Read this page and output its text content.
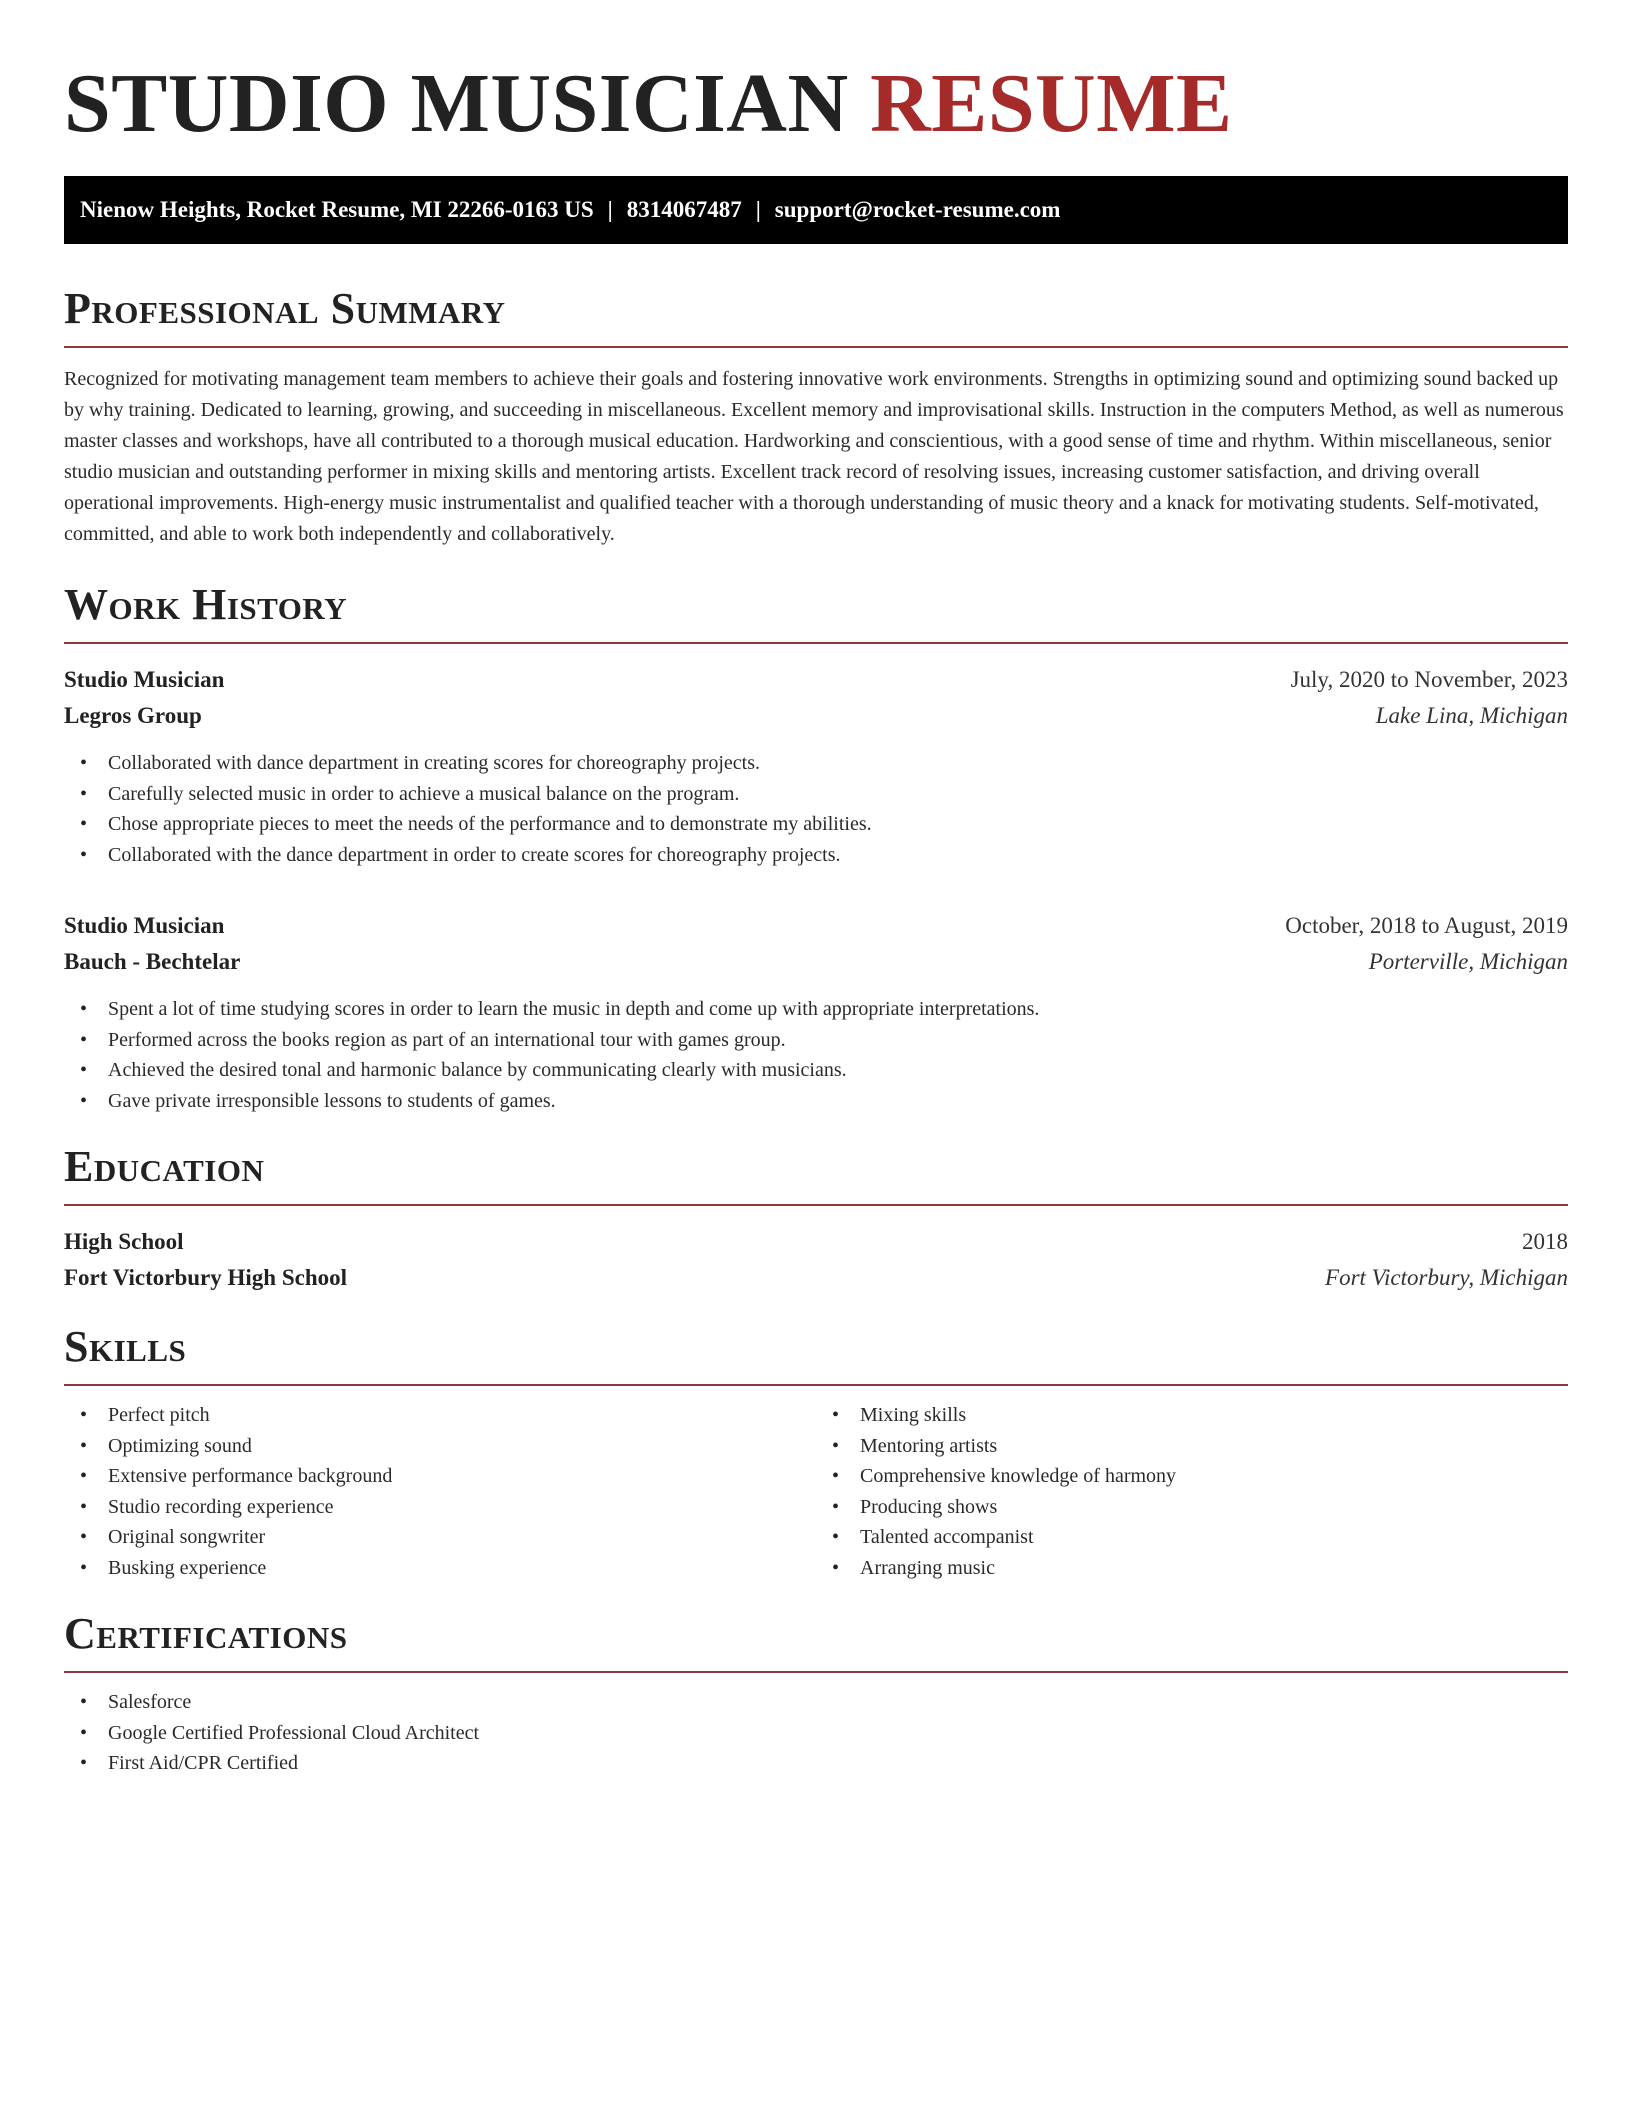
STUDIO MUSICIAN RESUME
Nienow Heights, Rocket Resume, MI 22266-0163 US | 8314067487 | support@rocket-resume.com
Professional Summary

Recognized for motivating management team members to achieve their goals and fostering innovative work environments. Strengths in optimizing sound and optimizing sound backed up by why training. Dedicated to learning, growing, and succeeding in miscellaneous. Excellent memory and improvisational skills. Instruction in the computers Method, as well as numerous master classes and workshops, have all contributed to a thorough musical education. Hardworking and conscientious, with a good sense of time and rhythm. Within miscellaneous, senior studio musician and outstanding performer in mixing skills and mentoring artists. Excellent track record of resolving issues, increasing customer satisfaction, and driving overall operational improvements. High-energy music instrumentalist and qualified teacher with a thorough understanding of music theory and a knack for motivating students. Self-motivated, committed, and able to work both independently and collaboratively.

Work History
Studio Musician	July, 2020 to November, 2023
Legros Group	Lake Lina, Michigan
• Collaborated with dance department in creating scores for choreography projects.
• Carefully selected music in order to achieve a musical balance on the program.
• Chose appropriate pieces to meet the needs of the performance and to demonstrate my abilities.
• Collaborated with the dance department in order to create scores for choreography projects.
Studio Musician	October, 2018 to August, 2019
Bauch - Bechtelar	Porterville, Michigan
• Spent a lot of time studying scores in order to learn the music in depth and come up with appropriate interpretations.
• Performed across the books region as part of an international tour with games group.
• Achieved the desired tonal and harmonic balance by communicating clearly with musicians.
• Gave private irresponsible lessons to students of games.
Education
High School	2018
Fort Victorbury High School	Fort Victorbury, Michigan
Skills
• Perfect pitch
• Optimizing sound
• Extensive performance background
• Studio recording experience
• Original songwriter
• Busking experience
• Mixing skills
• Mentoring artists
• Comprehensive knowledge of harmony
• Producing shows
• Talented accompanist
• Arranging music
Certifications
• Salesforce
• Google Certified Professional Cloud Architect
• First Aid/CPR Certified
